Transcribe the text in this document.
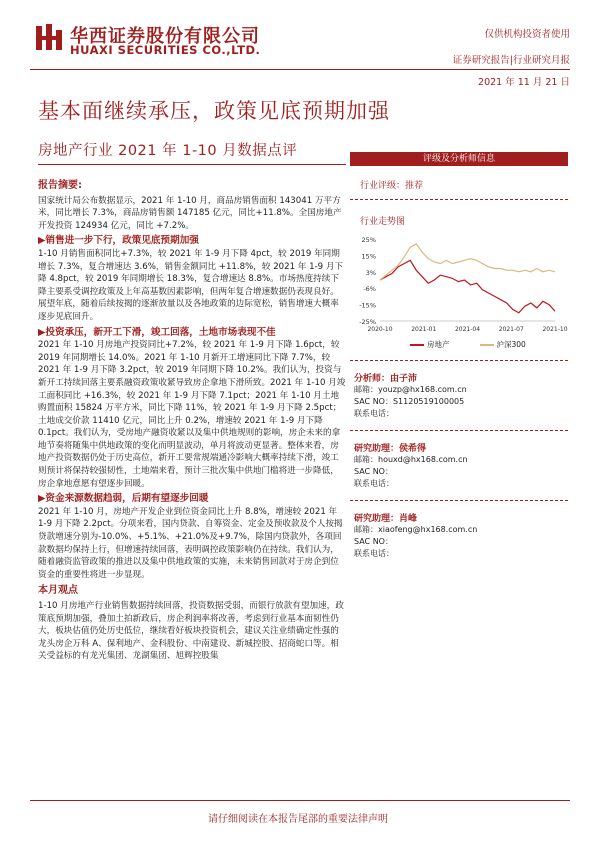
华西证券股份有限公司
HUAXI SECURITIES CO.,LTD.
仅供机构投资者使用
证券研究报告|行业研究月报
2021 年 11 月 21 日
基本面继续承压，政策见底预期加强
房地产行业 2021 年 1-10 月数据点评
报告摘要:
国家统计局公布数据显示，2021 年 1-10 月，商品房销售面积 143041 万平方米，同比增长 7.3%，商品房销售额 147185 亿元，同比+11.8%。全国房地产开发投资 124934 亿元，同比 +7.2%。
▶销售进一步下行，政策见底预期加强
1-10 月销售面积同比+7.3%，较 2021 年 1-9 月下降 4pct，较 2019 年同期增长 7.3%，复合增速达 3.6%，销售金额同比 +11.8%，较 2021 年 1-9 月下降 4.8pct，较 2019 年同期增长 18.3%，复合增速达 8.8%。市场热度持续下降主要系受调控政策及上年高基数因素影响，但两年复合增速数据仍表现良好。展望年底，随着后续按揭的逐渐放量以及各地政策的边际宽松，销售增速大概率逐步见底回升。
▶投资承压，新开工下滑，竣工回落，土地市场表现不佳
2021 年 1-10 月房地产投资同比+7.2%，较 2021 年 1-9 月下降 1.6pct，较 2019 年同期增长 14.0%。2021 年 1-10 月新开工增速同比下降 7.7%，较 2021 年 1-9 月下降 3.2pct，较 2019 年同期下降 10.2%。我们认为，投资与新开工持续回落主要系融资政策收紧导致房企拿地下滑所致。2021 年 1-10 月竣工面积同比 +16.3%，较 2021 年 1-9 月下降 7.1pct；2021 年 1-10 月土地购置面积 15824 万平方米，同比下降 11%，较 2021 年 1-9 月下降 2.5pct；土地成交价款 11410 亿元，同比上升 0.2%，增速较 2021 年 1-9 月下降 0.1pct。我们认为，受房地产融资收紧以及集中供地规则的影响，房企未来的拿地节奏将随集中供地政策的变化而明显波动，单月将波动更显著。整体来看，房地产投资数据仍处于历史高位，新开工要常规端通冷影响大概率持续下滑，竣工则预计将保持较强韧性，土地端来看，预计三批次集中供地门槛将进一步降低，房企拿地意愿有望逐步回暖。
▶资金来源数据趋弱，后期有望逐步回暖
2021 年 1-10 月，房地产开发企业到位资金同比上升 8.8%，增速较 2021 年 1-9 月下降 2.2pct。分项来看，国内贷款、自筹资金、定金及预收款及个人按揭贷款增速分别为-10.0%、+5.1%、+21.0%及+9.7%，除国内贷款外，各项回款数据均保持上行，但增速持续回落，表明调控政策影响仍在持续。我们认为，随着融资监管政策的推进以及集中供地政策的实施，未来销售回款对于房企到位资金的重要性将进一步显现。
本月观点
1-10 月房地产行业销售数据持续回落，投资数据受弱，而银行放款有望加速，政策底预期加强，叠加土拍新政后，房企利润率将改善，考虑到行业基本面韧性仍大，板块估值仍处历史低位，继续看好板块投资机会，建议关注业绩确定性强的龙头房企万科 A、保利地产、金科股份、中南建设、新城控股、招商蛇口等。相关受益标的有龙光集团、龙湖集团、旭辉控股集
评级及分析师信息
行业评级：推荐
行业走势图
25%
15%
3%
-6%
-15%
-25%
2020-10	2021-01	2021-04	2021-07	2021-10
房地产	沪深300
分析师：由子沛
邮箱：youzp@hx168.com.cn
SAC NO：S1120519100005
联系电话：
研究助理：侯希得
邮箱：houxd@hx168.com.cn
SAC NO：
联系电话：
研究助理：肖峰
邮箱：xiaofeng@hx168.com.cn
SAC NO：
联系电话：
请仔细阅读在本报告尾部的重要法律声明
